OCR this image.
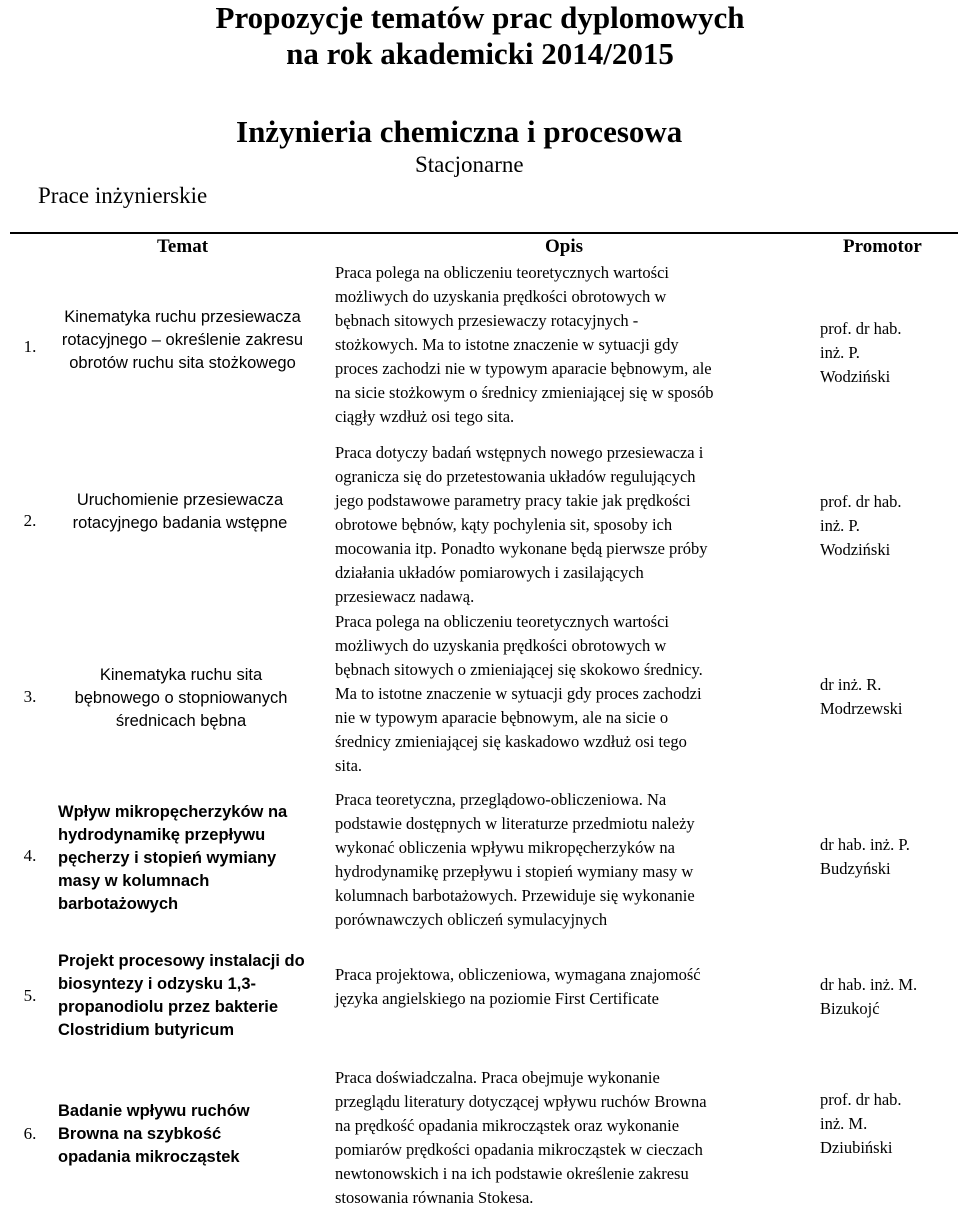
Propozycje tematów prac dyplomowych
na rok akademicki 2014/2015
Inżynieria chemiczna i procesowa
Stacjonarne
Prace inżynierskie
Temat	Opis	Promotor
1.
Kinematyka ruchu przesiewacza rotacyjnego – określenie zakresu obrotów ruchu sita stożkowego
Praca polega na obliczeniu teoretycznych wartości
możliwych do uzyskania prędkości obrotowych w
bębnach sitowych przesiewaczy rotacyjnych -
stożkowych. Ma to istotne znaczenie w sytuacji gdy
proces zachodzi nie w typowym aparacie bębnowym, ale
na sicie stożkowym o średnicy zmieniającej się w sposób
ciągły wzdłuż osi tego sita.
prof. dr hab.
inż. P.
Wodziński
2.
Uruchomienie przesiewacza rotacyjnego badania wstępne
Praca dotyczy badań wstępnych nowego przesiewacza i
ogranicza się do przetestowania układów regulujących
jego podstawowe parametry pracy takie jak prędkości
obrotowe bębnów, kąty pochylenia sit, sposoby ich
mocowania itp. Ponadto wykonane będą pierwsze próby
działania układów pomiarowych i zasilających
przesiewacz nadawą.
prof. dr hab.
inż. P.
Wodziński
3.
Kinematyka ruchu sita bębnowego o stopniowanych średnicach bębna
Praca polega na obliczeniu teoretycznych wartości
możliwych do uzyskania prędkości obrotowych w
bębnach sitowych o zmieniającej się skokowo średnicy.
Ma to istotne znaczenie w sytuacji gdy proces zachodzi
nie w typowym aparacie bębnowym, ale na sicie o
średnicy zmieniającej się kaskadowo wzdłuż osi tego
sita.
dr inż. R.
Modrzewski
4.
Wpływ mikropęcherzyków na hydrodynamikę przepływu pęcherzy i stopień wymiany masy w kolumnach barbotażowych
Praca teoretyczna, przeglądowo-obliczeniowa. Na
podstawie dostępnych w literaturze przedmiotu należy
wykonać obliczenia wpływu mikropęcherzyków na
hydrodynamikę przepływu i stopień wymiany masy w
kolumnach barbotażowych. Przewiduje się wykonanie
porównawczych obliczeń symulacyjnych
dr hab. inż. P.
Budzyński
5.
Projekt procesowy instalacji do biosyntezy i odzysku 1,3-propanodiolu przez bakterie Clostridium butyricum
Praca projektowa, obliczeniowa, wymagana znajomość
języka angielskiego na poziomie First Certificate
dr hab. inż. M.
Bizukojć
6.
Badanie wpływu ruchów Browna na szybkość opadania mikrocząstek
Praca doświadczalna. Praca obejmuje wykonanie
przeglądu literatury dotyczącej wpływu ruchów Browna
na prędkość opadania mikrocząstek oraz wykonanie
pomiarów prędkości opadania mikrocząstek w cieczach
newtonowskich i na ich podstawie określenie zakresu
stosowania równania Stokesa.
prof. dr hab.
inż. M.
Dziubiński
